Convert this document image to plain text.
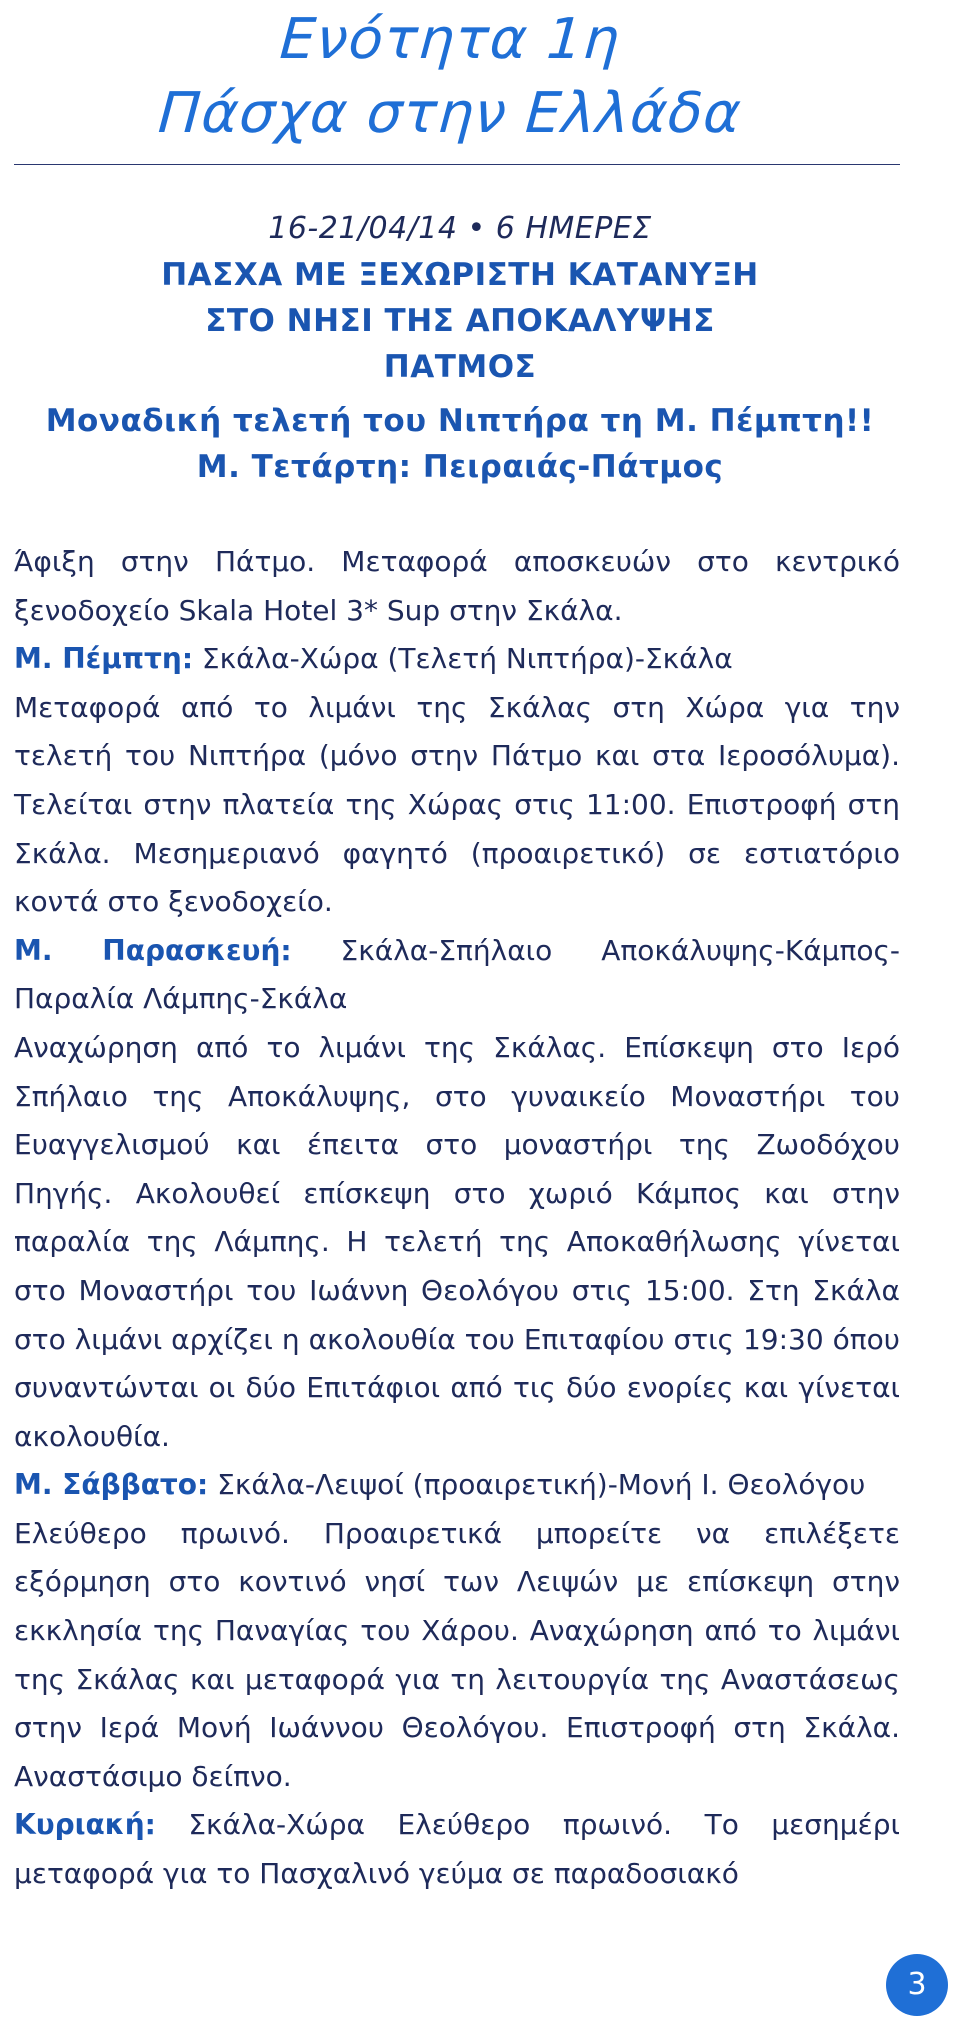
Ενότητα 1η
Πάσχα στην Ελλάδα
16-21/04/14 • 6 ΗΜΕΡΕΣ
ΠΑΣΧΑ ΜΕ ΞΕΧΩΡΙΣΤΗ ΚΑΤΑΝΥΞΗ
ΣΤΟ ΝΗΣΙ ΤΗΣ ΑΠΟΚΑΛΥΨΗΣ
ΠΑΤΜΟΣ
Μοναδική τελετή του Νιπτήρα τη Μ. Πέμπτη!!
Μ. Τετάρτη: Πειραιάς-Πάτμος

Άφιξη στην Πάτμο. Μεταφορά αποσκευών στο κεντρικό ξενοδοχείο Skala Hotel 3* Sup στην Σκάλα.

Μ. Πέμπτη: Σκάλα-Χώρα (Τελετή Νιπτήρα)-Σκάλα

Μεταφορά από το λιμάνι της Σκάλας στη Χώρα για την τελετή του Νιπτήρα (μόνο στην Πάτμο και στα Ιεροσόλυμα). Τελείται στην πλατεία της Χώρας στις 11:00. Επιστροφή στη Σκάλα. Μεσημεριανό φαγητό (προαιρετικό) σε εστιατόριο κοντά στο ξενοδοχείο.

Μ. Παρασκευή: Σκάλα-Σπήλαιο Αποκάλυψης-Κάμπος-Παραλία Λάμπης-Σκάλα

Αναχώρηση από το λιμάνι της Σκάλας. Επίσκεψη στο Ιερό Σπήλαιο της Αποκάλυψης, στο γυναικείο Μοναστήρι του Ευαγγελισμού και έπειτα στο μοναστήρι της Ζωοδόχου Πηγής. Ακολουθεί επίσκεψη στο χωριό Κάμπος και στην παραλία της Λάμπης. Η τελετή της Αποκαθήλωσης γίνεται στο Μοναστήρι του Ιωάννη Θεολόγου στις 15:00. Στη Σκάλα στο λιμάνι αρχίζει η ακολουθία του Επιταφίου στις 19:30 όπου συναντώνται οι δύο Επιτάφιοι από τις δύο ενορίες και γίνεται ακολουθία.

Μ. Σάββατο: Σκάλα-Λειψοί (προαιρετική)-Μονή Ι. Θεολόγου

Ελεύθερο πρωινό. Προαιρετικά μπορείτε να επιλέξετε εξόρμηση στο κοντινό νησί των Λειψών με επίσκεψη στην εκκλησία της Παναγίας του Χάρου. Αναχώρηση από το λιμάνι της Σκάλας και μεταφορά για τη λειτουργία της Αναστάσεως στην Ιερά Μονή Ιωάννου Θεολόγου. Επιστροφή στη Σκάλα. Αναστάσιμο δείπνο.

Κυριακή: Σκάλα-Χώρα Ελεύθερο πρωινό. Το μεσημέρι μεταφορά για το Πασχαλινό γεύμα σε παραδοσιακό

3
